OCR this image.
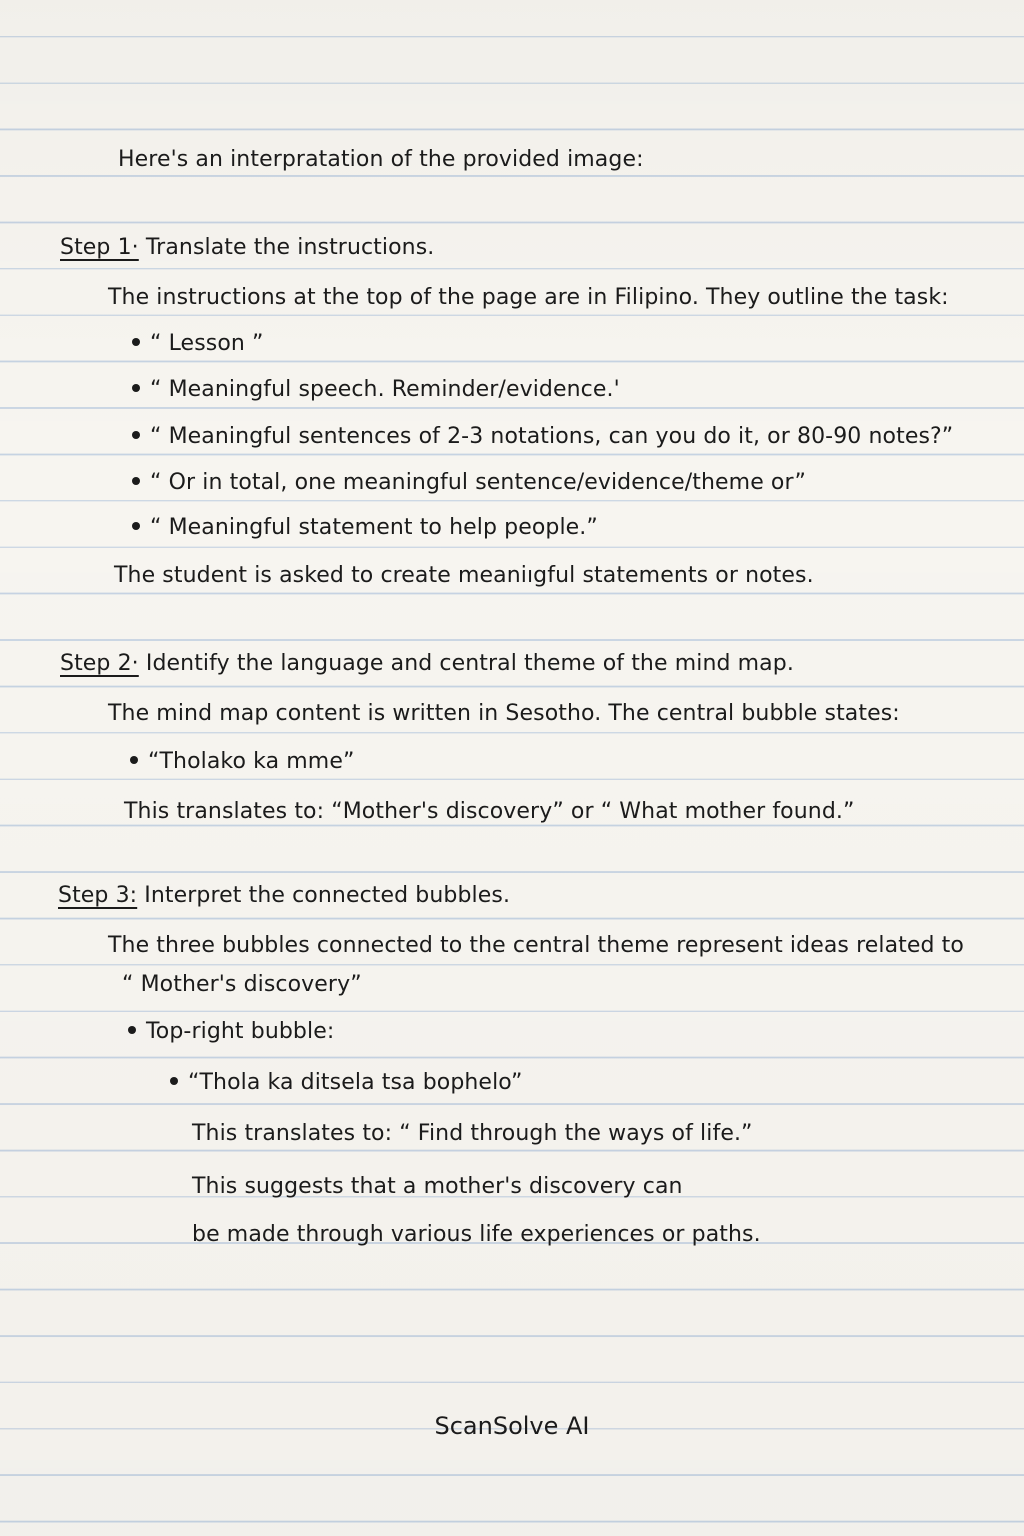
Here's an interpratation of the provided image:
Step 1· Translate the instructions.
The instructions at the top of the page are in Filipino. They outline the task:
“ Lesson ”
“ Meaningful speech. Reminder/evidence.'
“ Meaningful sentences of 2-3 notations, can you do it, or 80-90 notes?”
“ Or in total, one meaningful sentence/evidence/theme or”
“ Meaningful statement to help people.”
The student is asked to create meaniıgful statements or notes.
Step 2· Identify the language and central theme of the mind map.
The mind map content is written in Sesotho. The central bubble states:
“Tholako ka mme”
This translates to: “Mother's discovery” or “ What mother found.”
Step 3: Interpret the connected bubbles.
The three bubbles connected to the central theme represent ideas related to
“ Mother's discovery”
Top-right bubble:
“Thola ka ditsela tsa bophelo”
This translates to: “ Find through the ways of life.”
This suggests that a mother's discovery can
be made through various life experiences or paths.
ScanSolve AI
